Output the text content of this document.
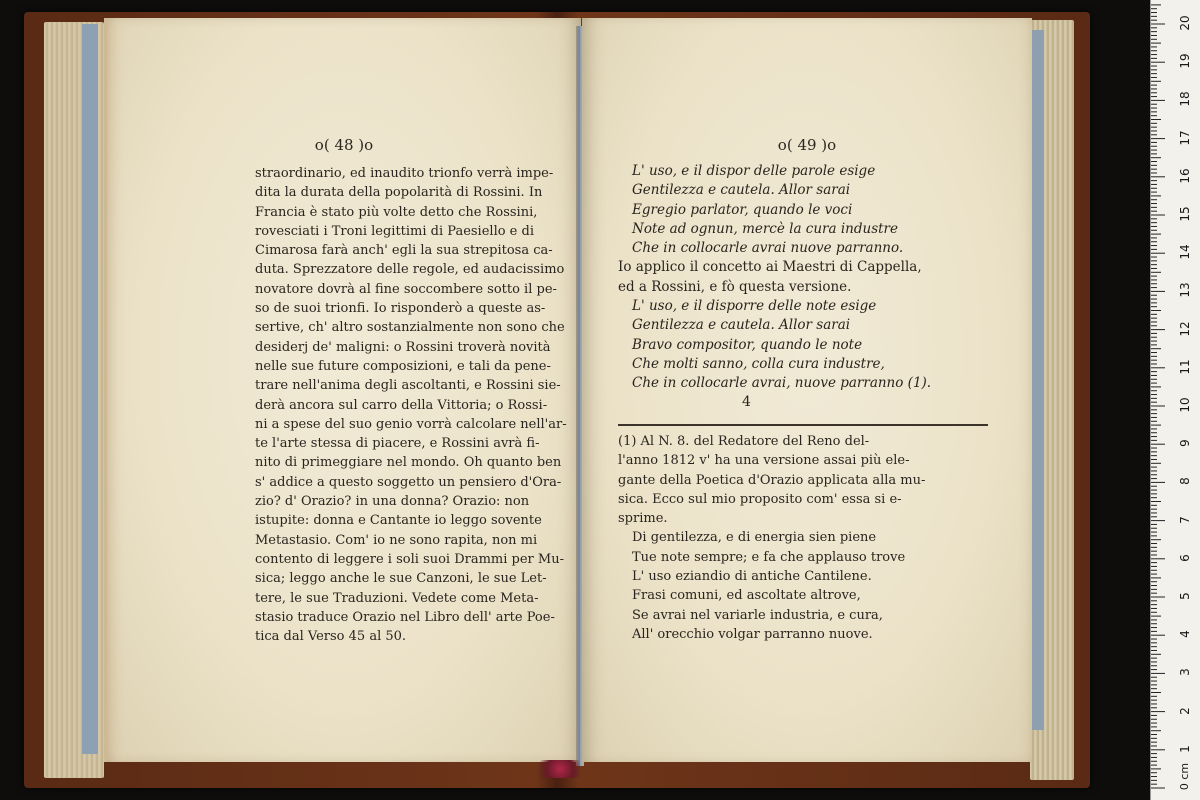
o( 48 )o
straordinario, ed inaudito trionfo verrà impe-
dita la durata della popolarità di Rossini. In
Francia è stato più volte detto che Rossini,
rovesciati i Troni legittimi di Paesiello e di
Cimarosa farà anch' egli la sua strepitosa ca-
duta. Sprezzatore delle regole, ed audacissimo
novatore dovrà al fine soccombere sotto il pe-
so de suoi trionfi. Io risponderò a queste as-
sertive, ch' altro sostanzialmente non sono che
desiderj de' maligni: o Rossini troverà novità
nelle sue future composizioni, e tali da pene-
trare nell'anima degli ascoltanti, e Rossini sie-
derà ancora sul carro della Vittoria; o Rossi-
ni a spese del suo genio vorrà calcolare nell'ar-
te l'arte stessa di piacere, e Rossini avrà fi-
nito di primeggiare nel mondo. Oh quanto ben
s' addice a questo soggetto un pensiero d'Ora-
zio? d' Orazio? in una donna? Orazio: non
istupite: donna e Cantante io leggo sovente
Metastasio. Com' io ne sono rapita, non mi
contento di leggere i soli suoi Drammi per Mu-
sica; leggo anche le sue Canzoni, le sue Let-
tere, le sue Traduzioni. Vedete come Meta-
stasio traduce Orazio nel Libro dell' arte Poe-
tica dal Verso 45 al 50.
o( 49 )o
L' uso, e il dispor delle parole esige
Gentilezza e cautela. Allor sarai
Egregio parlator, quando le voci
Note ad ognun, mercè la cura industre
Che in collocarle avrai nuove parranno.
Io applico il concetto ai Maestri di Cappella,
ed a Rossini, e fò questa versione.
L' uso, e il disporre delle note esige
Gentilezza e cautela. Allor sarai
Bravo compositor, quando le note
Che molti sanno, colla cura industre,
Che in collocarle avrai, nuove parranno (1).
4
(1) Al N. 8. del Redatore del Reno del-
l'anno 1812 v' ha una versione assai più ele-
gante della Poetica d'Orazio applicata alla mu-
sica. Ecco sul mio proposito com' essa si e-
sprime.
Di gentilezza, e di energia sien piene
Tue note sempre; e fa che applauso trove
L' uso eziandio di antiche Cantilene.
Frasi comuni, ed ascoltate altrove,
Se avrai nel variarle industria, e cura,
All' orecchio volgar parranno nuove.
20
19
18
17
16
15
14
13
12
11
10
9
8
7
6
5
4
3
2
1
0 cm
